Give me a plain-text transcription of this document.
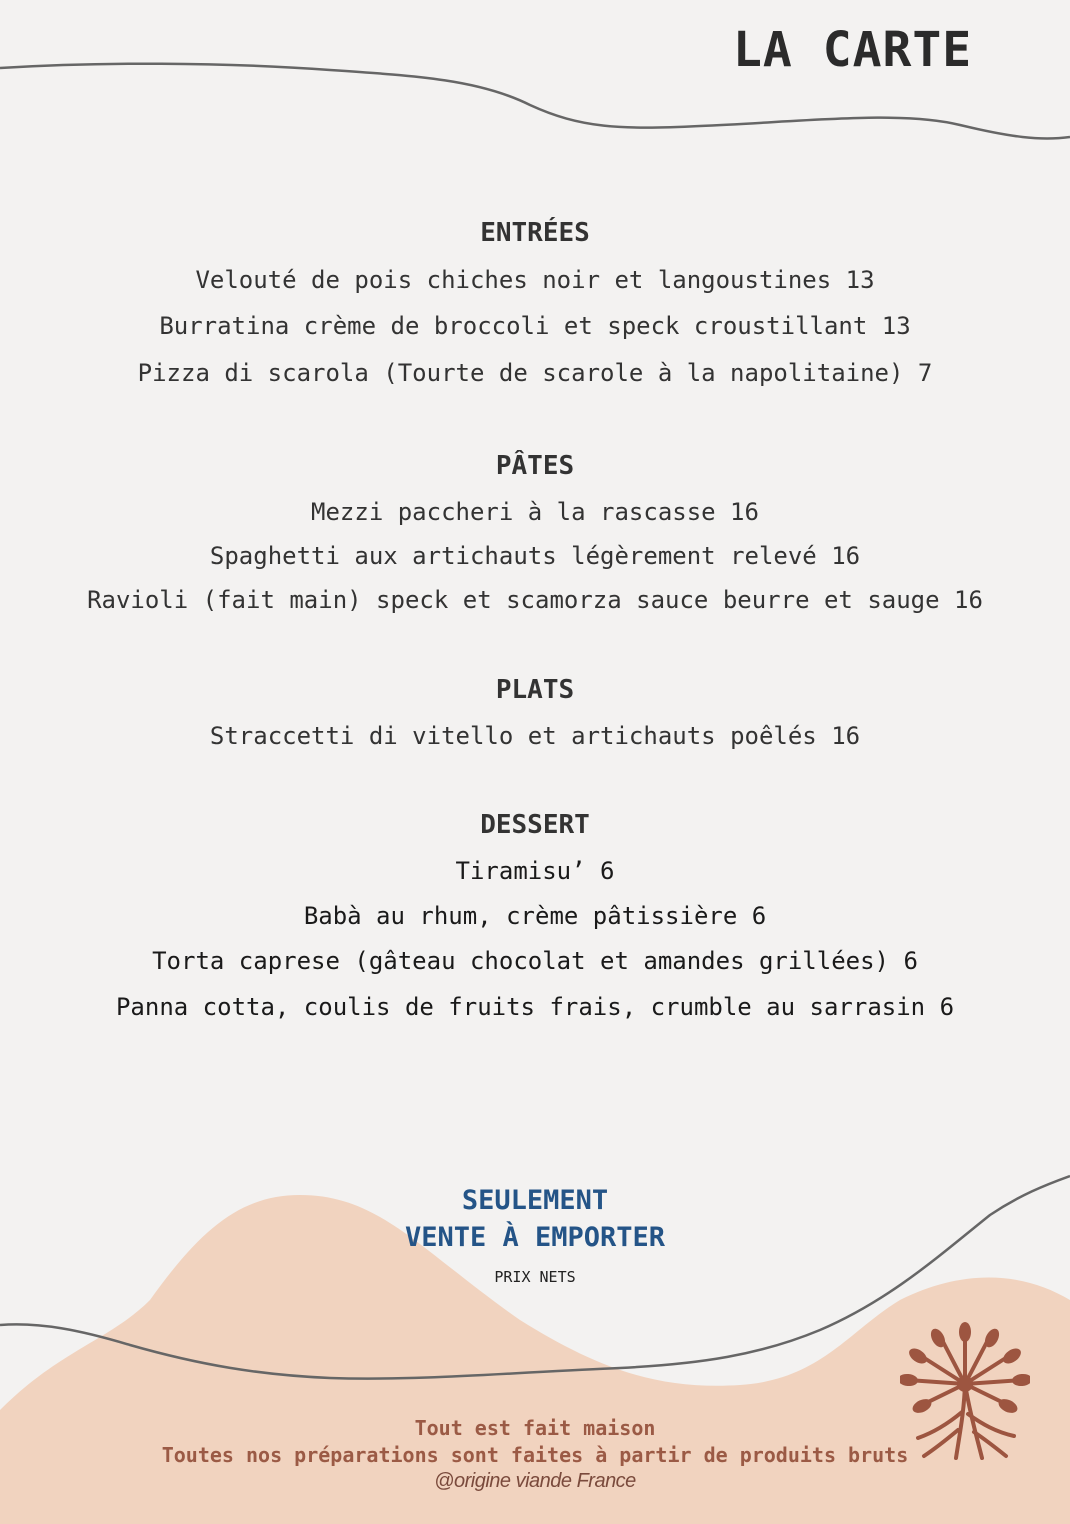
LA CARTE

ENTRÉES

Velouté de pois chiches noir et langoustines 13

Burratina crème de broccoli et speck croustillant 13

Pizza di scarola (Tourte de scarole à la napolitaine) 7

PÂTES

Mezzi paccheri à la rascasse 16

Spaghetti aux artichauts légèrement relevé 16

Ravioli (fait main) speck et scamorza sauce beurre et sauge 16

PLATS

Straccetti di vitello et artichauts poêlés 16

DESSERT

Tiramisu’ 6

Babà au rhum, crème pâtissière 6

Torta caprese (gâteau chocolat et amandes grillées) 6

Panna cotta, coulis de fruits frais, crumble au sarrasin 6

SEULEMENT
VENTE À EMPORTER
PRIX NETS
Tout est fait maison
Toutes nos préparations sont faites à partir de produits bruts
@origine viande France
